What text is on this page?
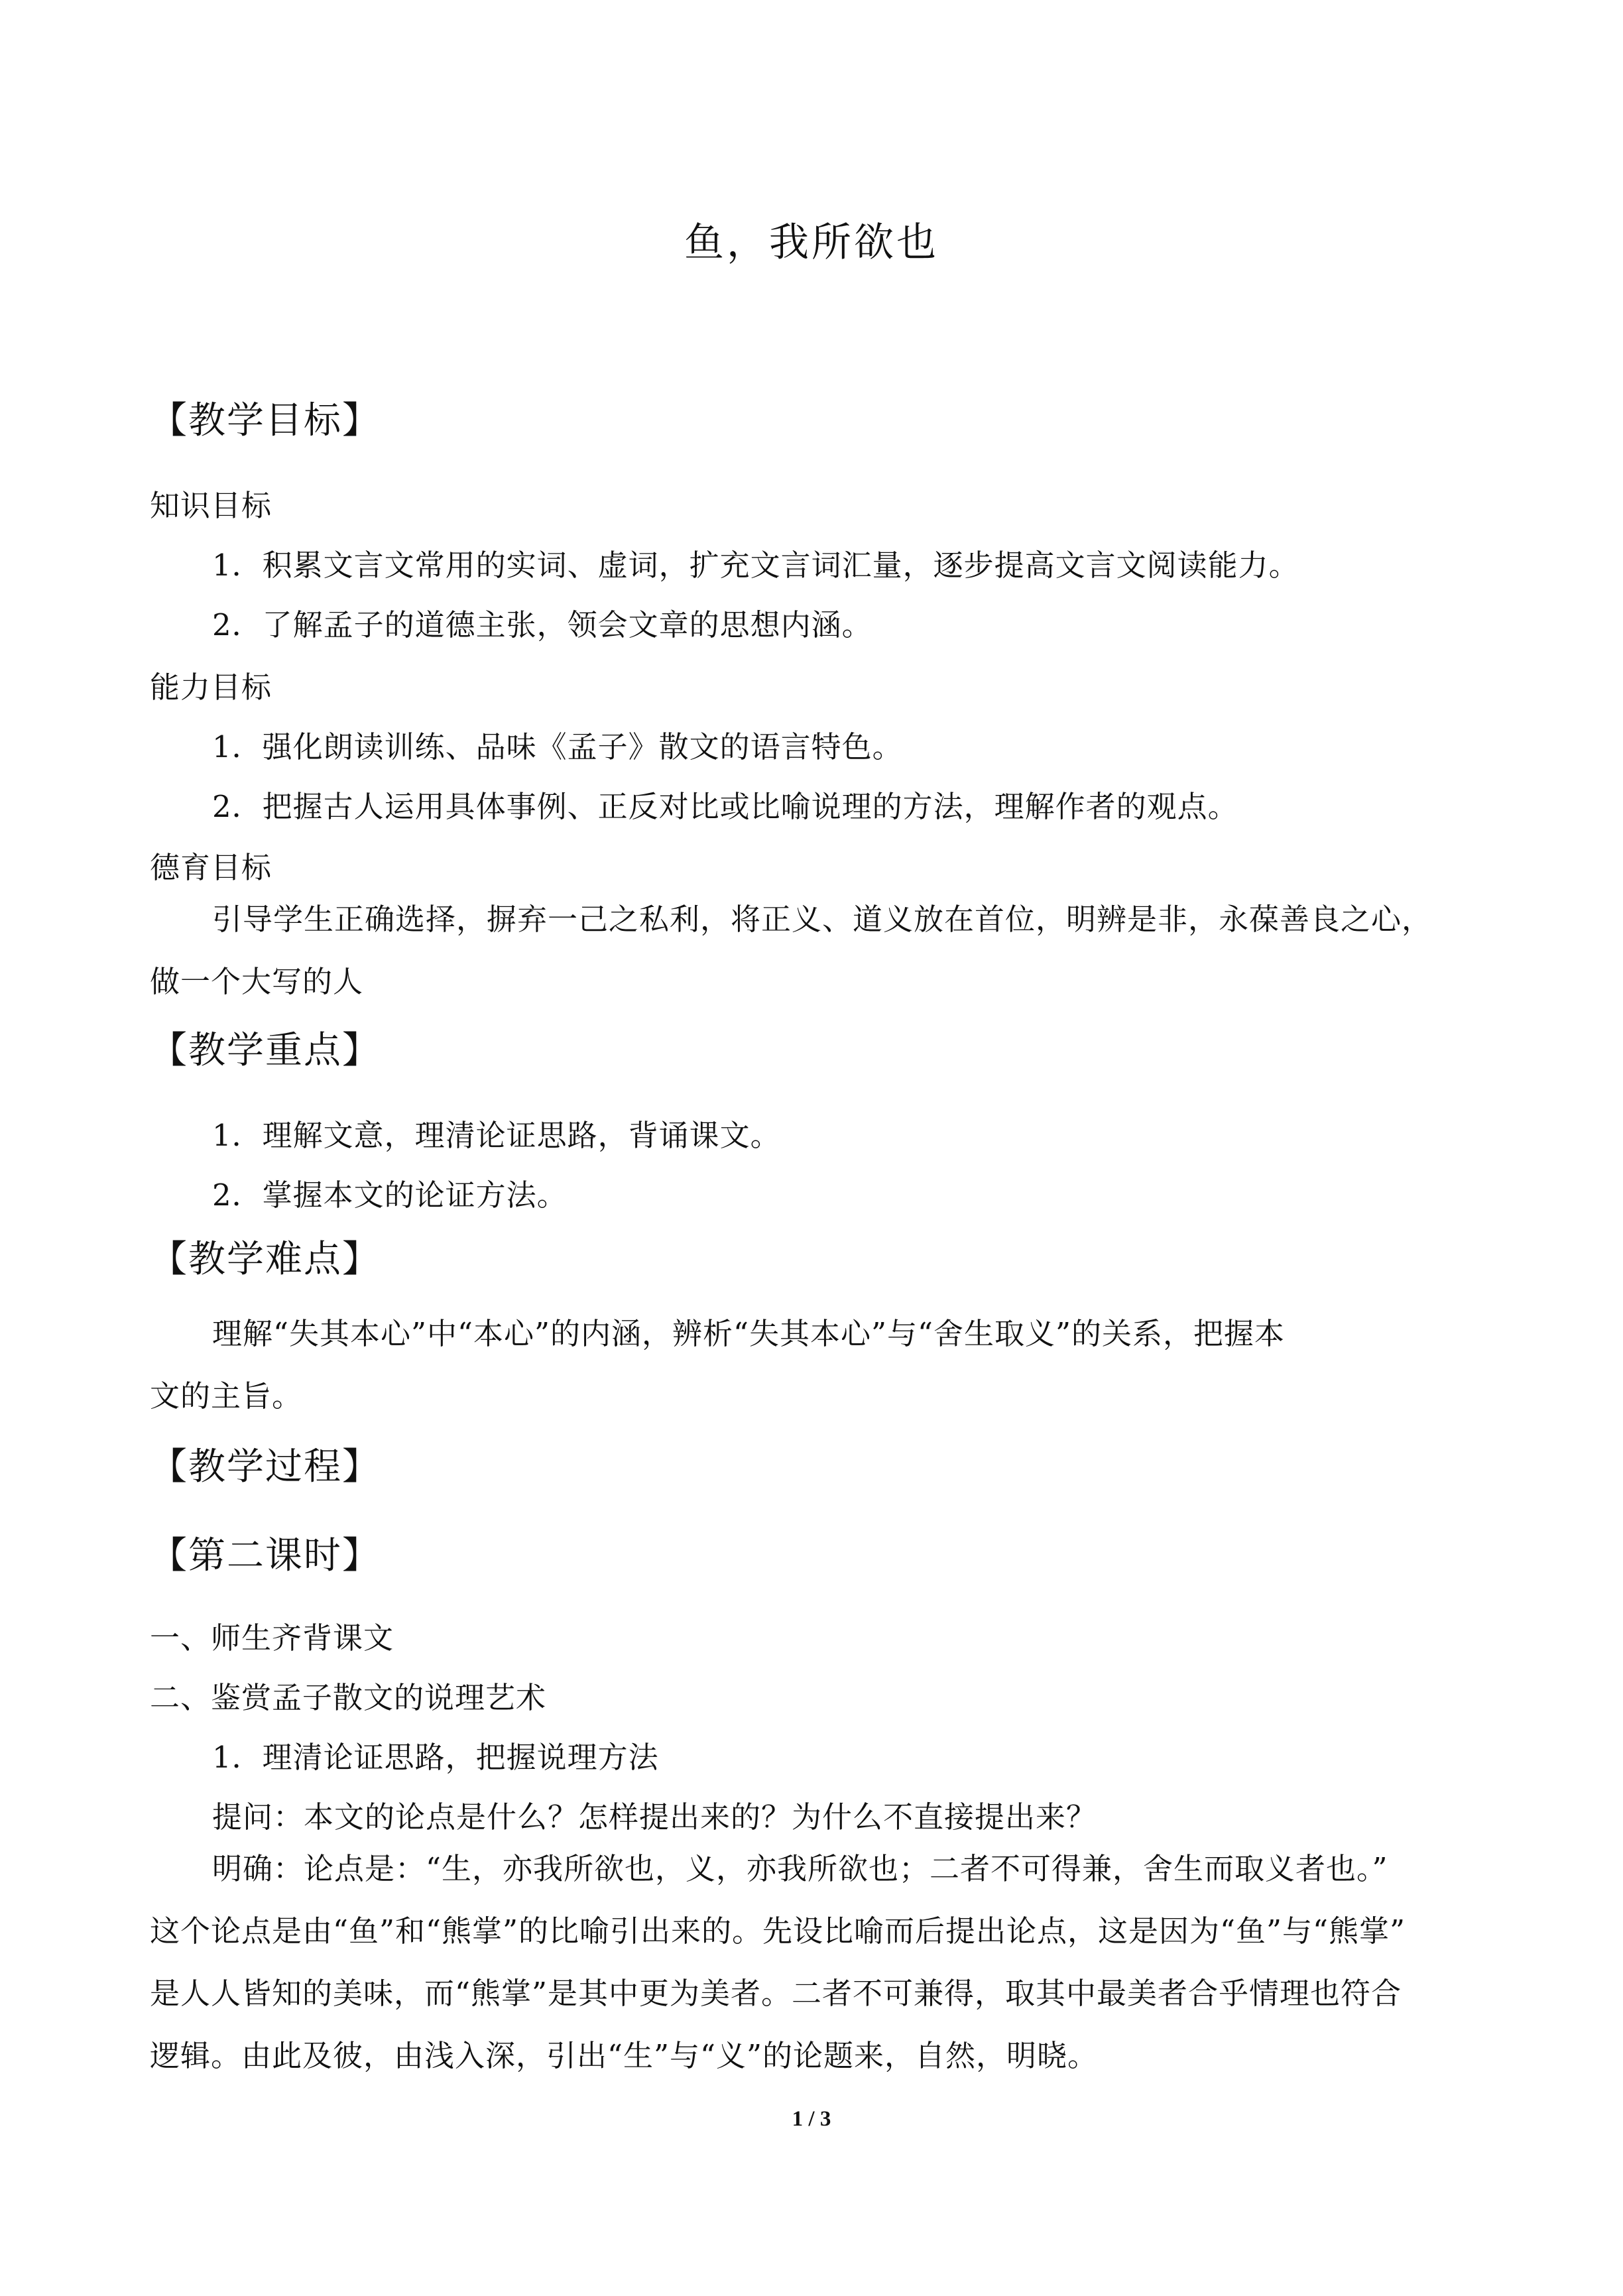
鱼，我所欲也
【教学目标】
知识目标
1．积累文言文常用的实词、虚词，扩充文言词汇量，逐步提高文言文阅读能力。
2．了解孟子的道德主张，领会文章的思想内涵。
能力目标
1．强化朗读训练、品味《孟子》散文的语言特色。
2．把握古人运用具体事例、正反对比或比喻说理的方法，理解作者的观点。
德育目标
引导学生正确选择，摒弃一己之私利，将正义、道义放在首位，明辨是非，永葆善良之心，
做一个大写的人
【教学重点】
1．理解文意，理清论证思路，背诵课文。
2．掌握本文的论证方法。
【教学难点】
理解“失其本心”中“本心”的内涵，辨析“失其本心”与“舍生取义”的关系，把握本
文的主旨。
【教学过程】
【第二课时】
一、师生齐背课文
二、鉴赏孟子散文的说理艺术
1．理清论证思路，把握说理方法
提问：本文的论点是什么？怎样提出来的？为什么不直接提出来？
明确：论点是：“生，亦我所欲也，义，亦我所欲也；二者不可得兼，舍生而取义者也。”
这个论点是由“鱼”和“熊掌”的比喻引出来的。先设比喻而后提出论点，这是因为“鱼”与“熊掌”
是人人皆知的美味，而“熊掌”是其中更为美者。二者不可兼得，取其中最美者合乎情理也符合
逻辑。由此及彼，由浅入深，引出“生”与“义”的论题来，自然，明晓。
1 / 3
